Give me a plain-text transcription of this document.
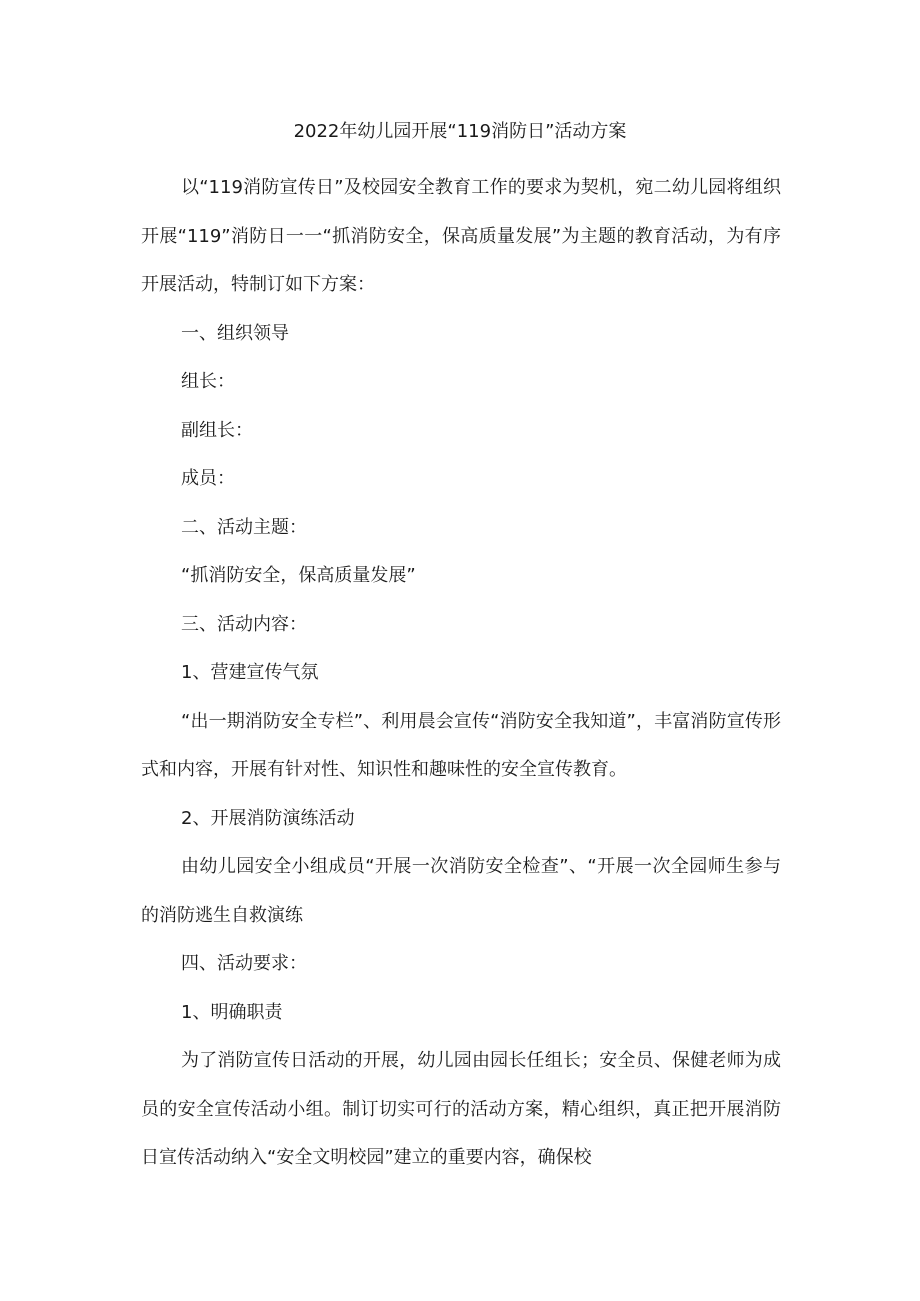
2022年幼儿园开展“119消防日”活动方案

以“119消防宣传日”及校园安全教育工作的要求为契机，宛二幼儿园将组织开展“119”消防日一一“抓消防安全，保高质量发展”为主题的教育活动，为有序开展活动，特制订如下方案：

一、组织领导

组长：

副组长：

成员：

二、活动主题：

“抓消防安全，保高质量发展”

三、活动内容：

1、营建宣传气氛

“出一期消防安全专栏”、利用晨会宣传“消防安全我知道”，丰富消防宣传形式和内容，开展有针对性、知识性和趣味性的安全宣传教育。

2、开展消防演练活动

由幼儿园安全小组成员“开展一次消防安全检查”、“开展一次全园师生参与的消防逃生自救演练

四、活动要求：

1、明确职责

为了消防宣传日活动的开展，幼儿园由园长任组长；安全员、保健老师为成员的安全宣传活动小组。制订切实可行的活动方案，精心组织，真正把开展消防日宣传活动纳入“安全文明校园”建立的重要内容，确保校
